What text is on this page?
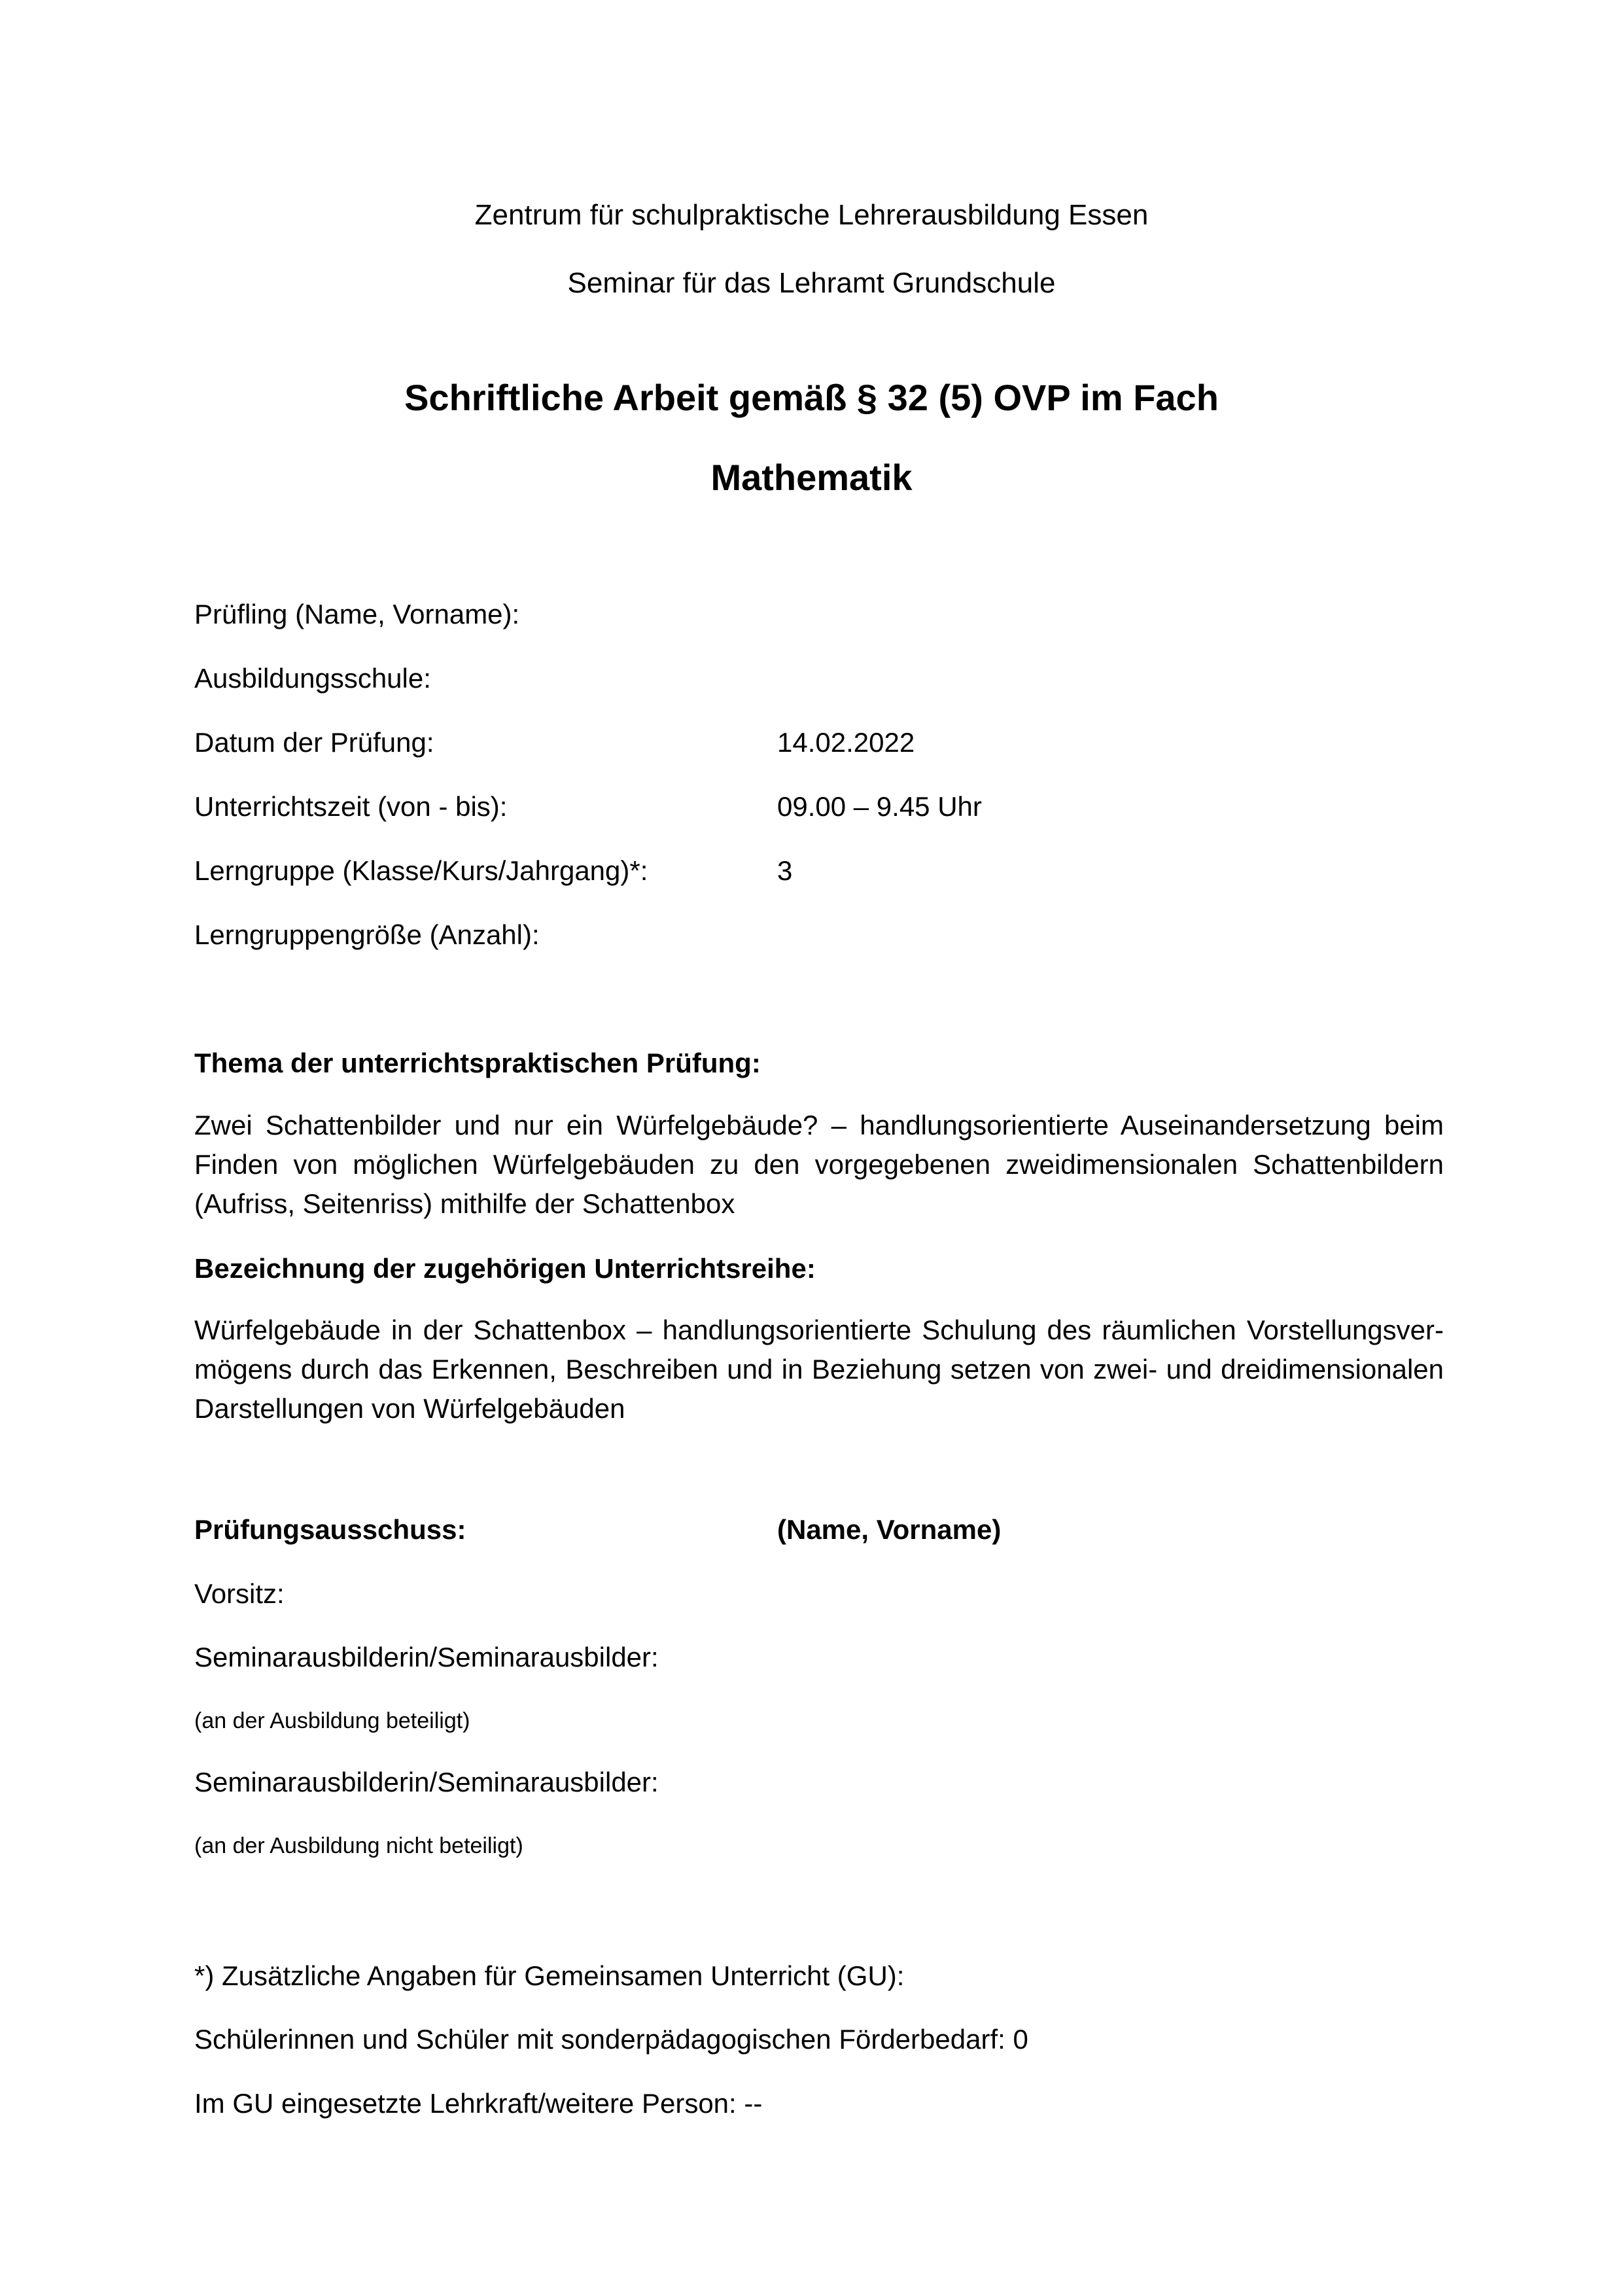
Zentrum für schulpraktische Lehrerausbildung Essen
Seminar für das Lehramt Grundschule
Schriftliche Arbeit gemäß § 32 (5) OVP im Fach
Mathematik
Prüfling (Name, Vorname):
Ausbildungsschule:
Datum der Prüfung:	14.02.2022
Unterrichtszeit (von - bis):	09.00 – 9.45 Uhr
Lerngruppe (Klasse/Kurs/Jahrgang)*:	3
Lerngruppengröße (Anzahl):
Thema der unterrichtspraktischen Prüfung:
Zwei Schattenbilder und nur ein Würfelgebäude? – handlungsorientierte Auseinandersetzung beim
Finden von möglichen Würfelgebäuden zu den vorgegebenen zweidimensionalen Schattenbildern
(Aufriss, Seitenriss) mithilfe der Schattenbox
Bezeichnung der zugehörigen Unterrichtsreihe:
Würfelgebäude in der Schattenbox – handlungsorientierte Schulung des räumlichen Vorstellungsver-
mögens durch das Erkennen, Beschreiben und in Beziehung setzen von zwei- und dreidimensionalen
Darstellungen von Würfelgebäuden
Prüfungsausschuss:	(Name, Vorname)
Vorsitz:
Seminarausbilderin/Seminarausbilder:
(an der Ausbildung beteiligt)
Seminarausbilderin/Seminarausbilder:
(an der Ausbildung nicht beteiligt)
*) Zusätzliche Angaben für Gemeinsamen Unterricht (GU):
Schülerinnen und Schüler mit sonderpädagogischen Förderbedarf: 0
Im GU eingesetzte Lehrkraft/weitere Person: --
